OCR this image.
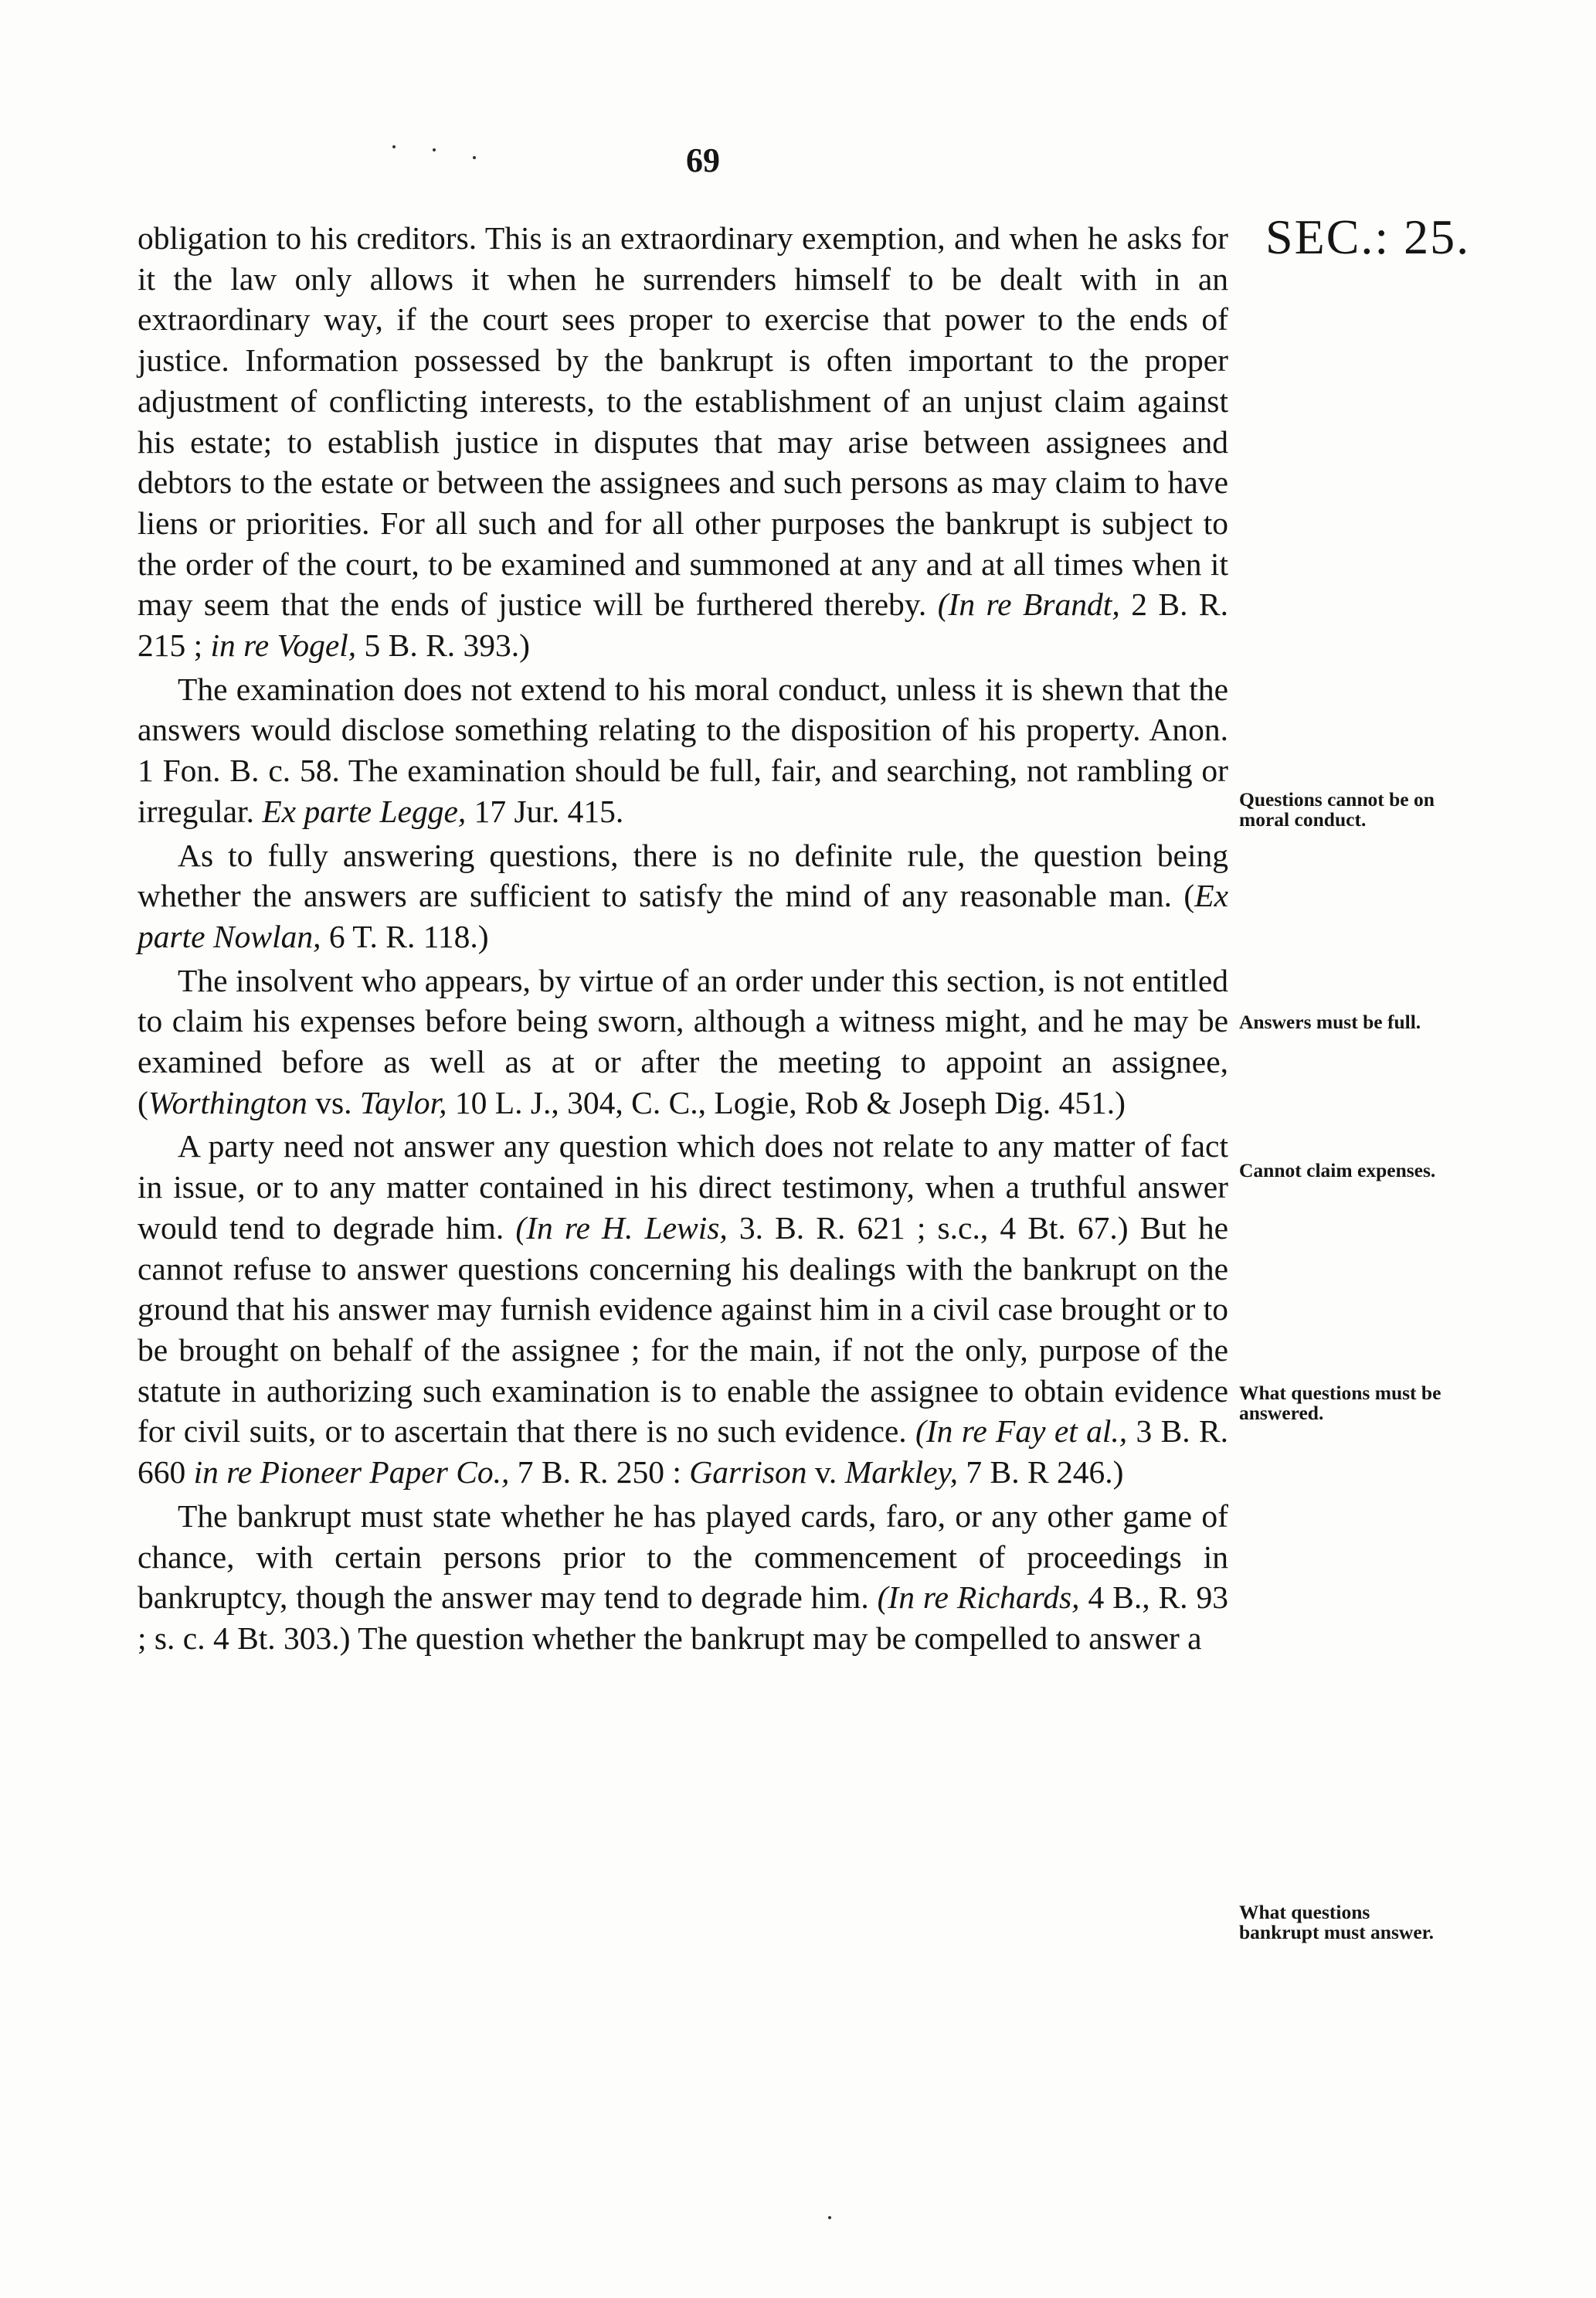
69
SEC.: 25.

obligation to his creditors. This is an extraordinary exemption, and when he asks for it the law only allows it when he surrenders himself to be dealt with in an extraordinary way, if the court sees proper to exercise that power to the ends of justice. Information possessed by the bankrupt is often important to the proper adjustment of conflicting interests, to the establishment of an unjust claim against his estate; to establish justice in disputes that may arise between assignees and debtors to the estate or between the assignees and such persons as may claim to have liens or priorities. For all such and for all other purposes the bankrupt is subject to the order of the court, to be examined and summoned at any and at all times when it may seem that the ends of justice will be furthered thereby. (In re Brandt, 2 B. R. 215 ; in re Vogel, 5 B. R. 393.)

The examination does not extend to his moral conduct, unless it is shewn that the answers would disclose something relating to the disposition of his property. Anon. 1 Fon. B. c. 58. The examination should be full, fair, and searching, not rambling or irregular. Ex parte Legge, 17 Jur. 415.

As to fully answering questions, there is no definite rule, the question being whether the answers are sufficient to satisfy the mind of any reasonable man. (Ex parte Nowlan, 6 T. R. 118.)

The insolvent who appears, by virtue of an order under this section, is not entitled to claim his expenses before being sworn, although a witness might, and he may be examined before as well as at or after the meeting to appoint an assignee, (Worthington vs. Taylor, 10 L. J., 304, C. C., Logie, Rob & Joseph Dig. 451.)

A party need not answer any question which does not relate to any matter of fact in issue, or to any matter contained in his direct testimony, when a truthful answer would tend to degrade him. (In re H. Lewis, 3. B. R. 621 ; s.c., 4 Bt. 67.) But he cannot refuse to answer questions concerning his dealings with the bankrupt on the ground that his answer may furnish evidence against him in a civil case brought or to be brought on behalf of the assignee ; for the main, if not the only, purpose of the statute in authorizing such examination is to enable the assignee to obtain evidence for civil suits, or to ascertain that there is no such evidence. (In re Fay et al., 3 B. R. 660 in re Pioneer Paper Co., 7 B. R. 250 : Garrison v. Markley, 7 B. R 246.)

The bankrupt must state whether he has played cards, faro, or any other game of chance, with certain persons prior to the commencement of proceedings in bankruptcy, though the answer may tend to degrade him. (In re Richards, 4 B., R. 93 ; s. c. 4 Bt. 303.) The question whether the bankrupt may be compelled to answer a

Questions cannot be on moral conduct.
Answers must be full.
Cannot claim expenses.
What questions must be answered.
What questions bankrupt must answer.
